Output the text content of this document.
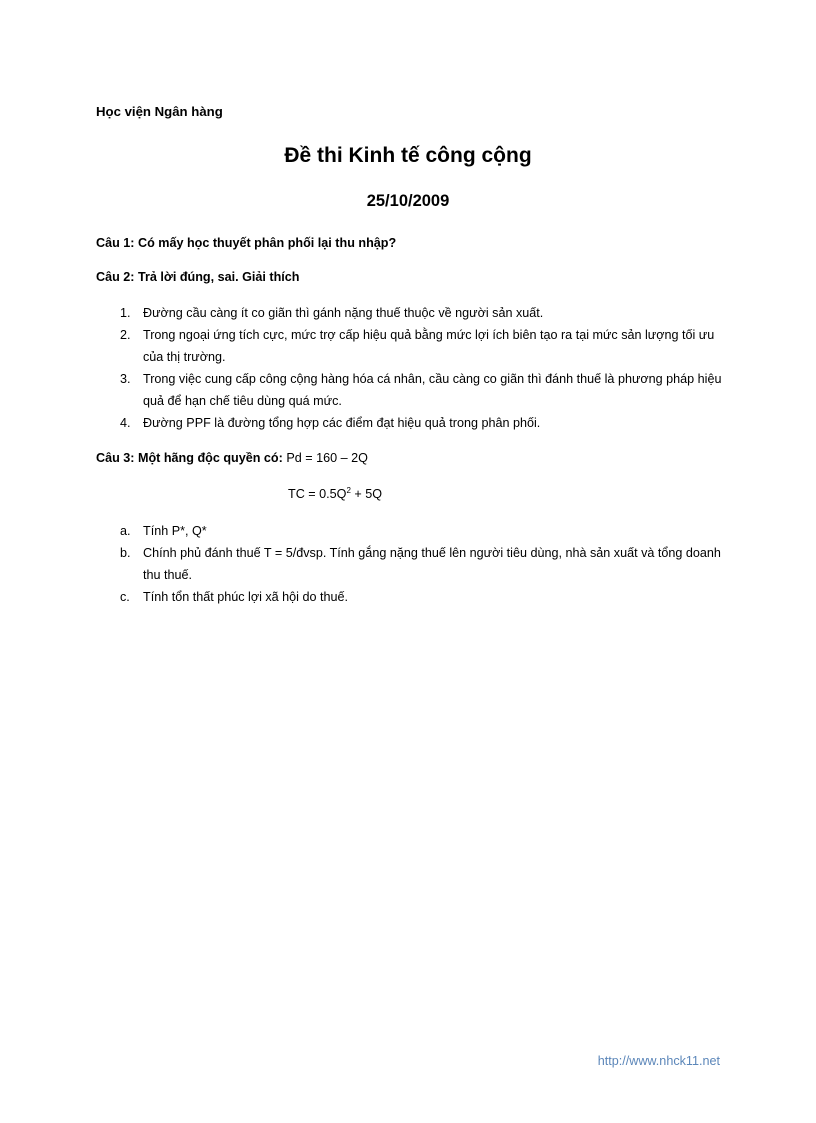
Học viện Ngân hàng
Đề thi Kinh tế công cộng
25/10/2009
Câu 1: Có mấy học thuyết phân phối lại thu nhập?
Câu 2: Trả lời đúng, sai. Giải thích
1. Đường cầu càng ít co giãn thì gánh nặng thuế thuộc về người sản xuất.
2. Trong ngoại ứng tích cực, mức trợ cấp hiệu quả bằng mức lợi ích biên tạo ra tại mức sản lượng tối ưu của thị trường.
3. Trong việc cung cấp công cộng hàng hóa cá nhân, cầu càng co giãn thì đánh thuế là phương pháp hiệu quả để hạn chế tiêu dùng quá mức.
4. Đường PPF là đường tổng hợp các điểm đạt hiệu quả trong phân phối.
Câu 3: Một hãng độc quyền có: Pd = 160 – 2Q
TC = $0.5Q^2 + 5Q$
a. Tính P*, Q*
b. Chính phủ đánh thuế T = 5/đvsp. Tính gắng nặng thuế lên người tiêu dùng, nhà sản xuất và tổng doanh thu thuế.
c. Tính tổn thất phúc lợi xã hội do thuế.
http://www.nhck11.net
